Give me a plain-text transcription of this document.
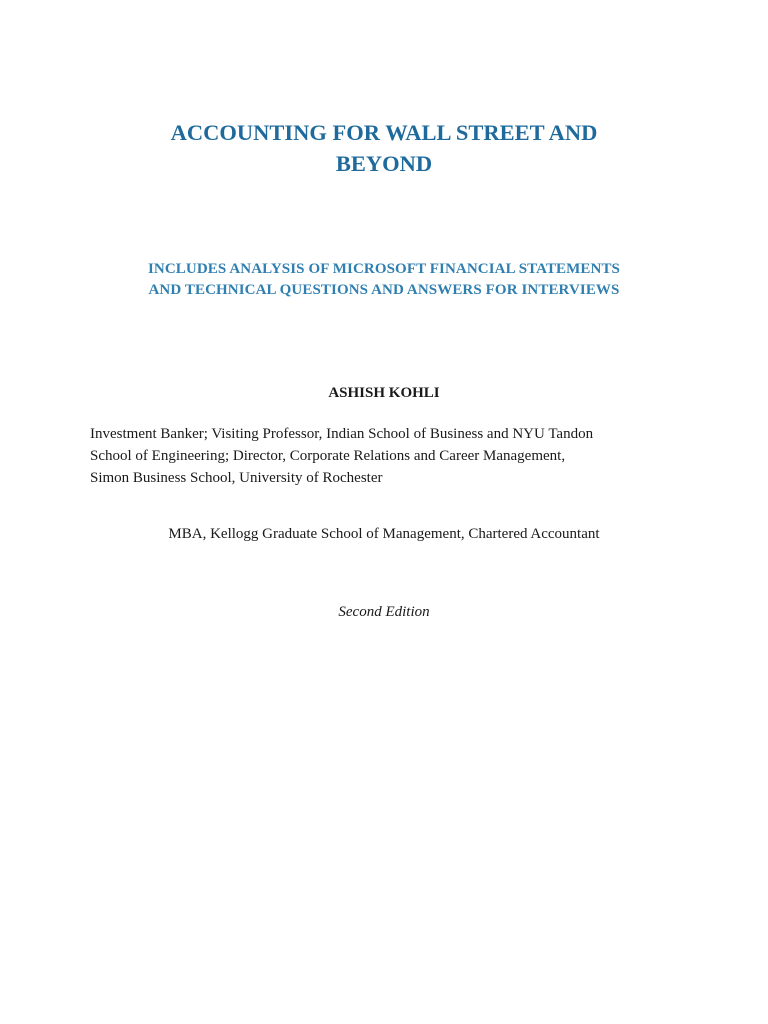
ACCOUNTING FOR WALL STREET AND
BEYOND
INCLUDES ANALYSIS OF MICROSOFT FINANCIAL STATEMENTS
AND TECHNICAL QUESTIONS AND ANSWERS FOR INTERVIEWS

ASHISH KOHLI

Investment Banker; Visiting Professor, Indian School of Business and NYU Tandon
School of Engineering; Director, Corporate Relations and Career Management,
Simon Business School, University of Rochester

MBA, Kellogg Graduate School of Management, Chartered Accountant

Second Edition
